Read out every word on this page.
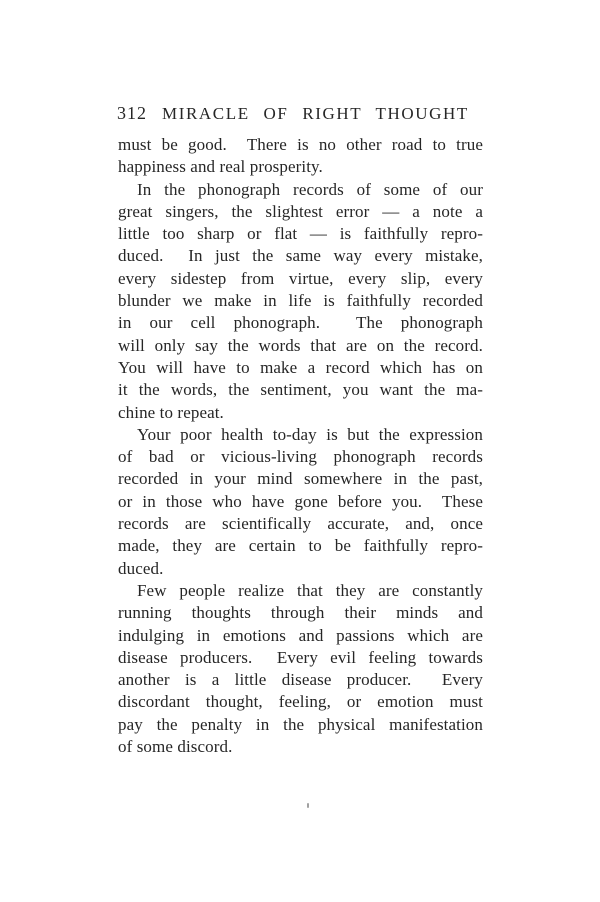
312 MIRACLE OF RIGHT THOUGHT
must be good.  There is no other road to true
happiness and real prosperity.
In the phonograph records of some of our
great singers, the slightest error — a note a
little too sharp or flat — is faithfully repro-
duced.  In just the same way every mistake,
every sidestep from virtue, every slip, every
blunder we make in life is faithfully recorded
in our cell phonograph.  The phonograph
will only say the words that are on the record.
You will have to make a record which has on
it the words, the sentiment, you want the ma-
chine to repeat.
Your poor health to-day is but the expression
of bad or vicious-living phonograph records
recorded in your mind somewhere in the past,
or in those who have gone before you.  These
records are scientifically accurate, and, once
made, they are certain to be faithfully repro-
duced.
Few people realize that they are constantly
running thoughts through their minds and
indulging in emotions and passions which are
disease producers.  Every evil feeling towards
another is a little disease producer.  Every
discordant thought, feeling, or emotion must
pay the penalty in the physical manifestation
of some discord.
